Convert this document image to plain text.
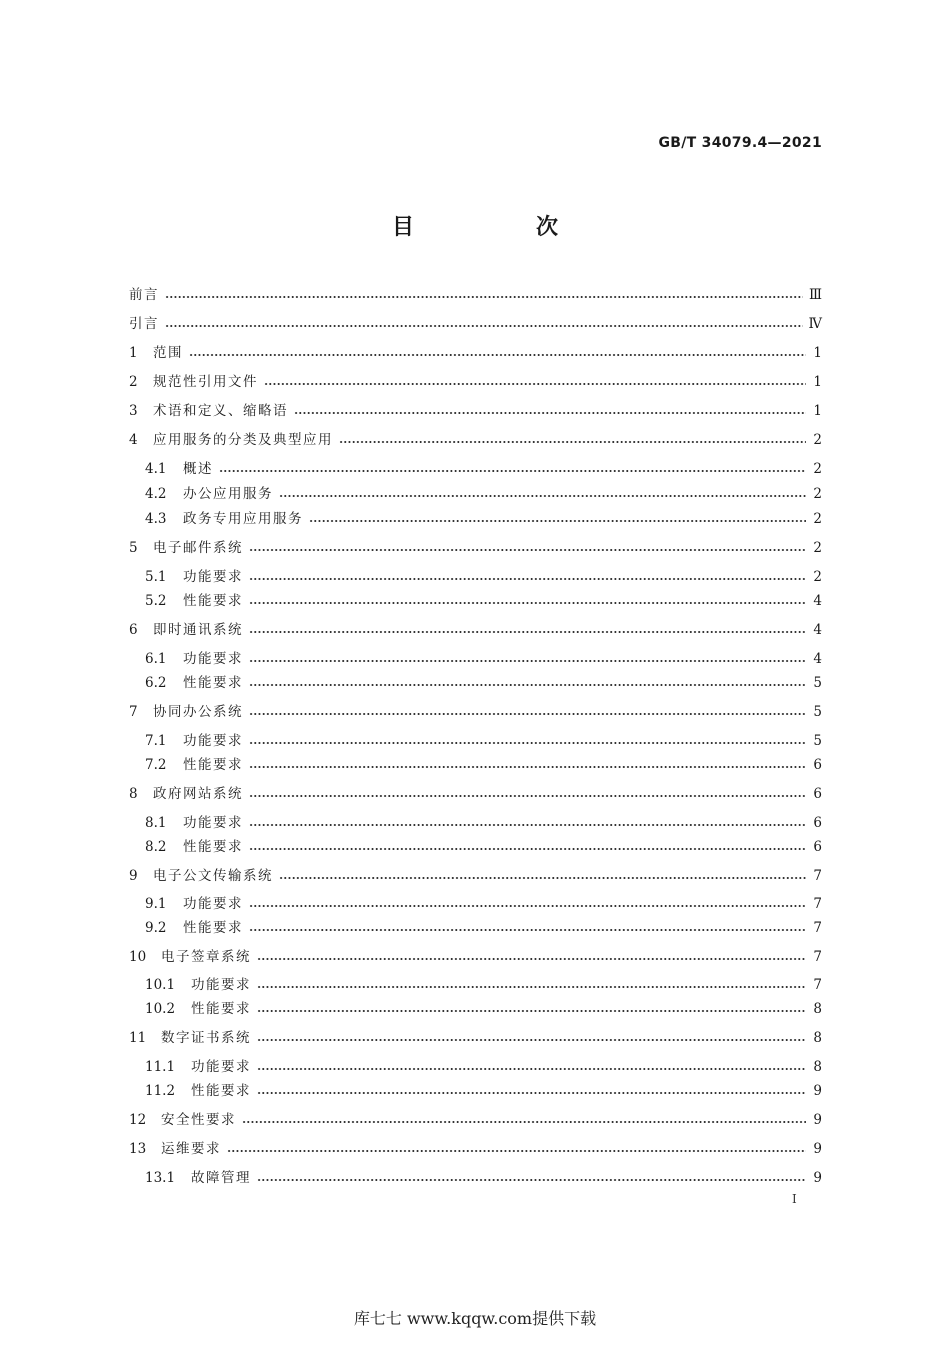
GB/T 34079.4—2021
目　次
前言	Ⅲ
引言	Ⅳ
1	范围	1
2	规范性引用文件	1
3	术语和定义、缩略语	1
4	应用服务的分类及典型应用	2
4.1	概述	2
4.2	办公应用服务	2
4.3	政务专用应用服务	2
5	电子邮件系统	2
5.1	功能要求	2
5.2	性能要求	4
6	即时通讯系统	4
6.1	功能要求	4
6.2	性能要求	5
7	协同办公系统	5
7.1	功能要求	5
7.2	性能要求	6
8	政府网站系统	6
8.1	功能要求	6
8.2	性能要求	6
9	电子公文传输系统	7
9.1	功能要求	7
9.2	性能要求	7
10	电子签章系统	7
10.1	功能要求	7
10.2	性能要求	8
11	数字证书系统	8
11.1	功能要求	8
11.2	性能要求	9
12	安全性要求	9
13	运维要求	9
13.1	故障管理	9
I
库七七 www.kqqw.com提供下载
